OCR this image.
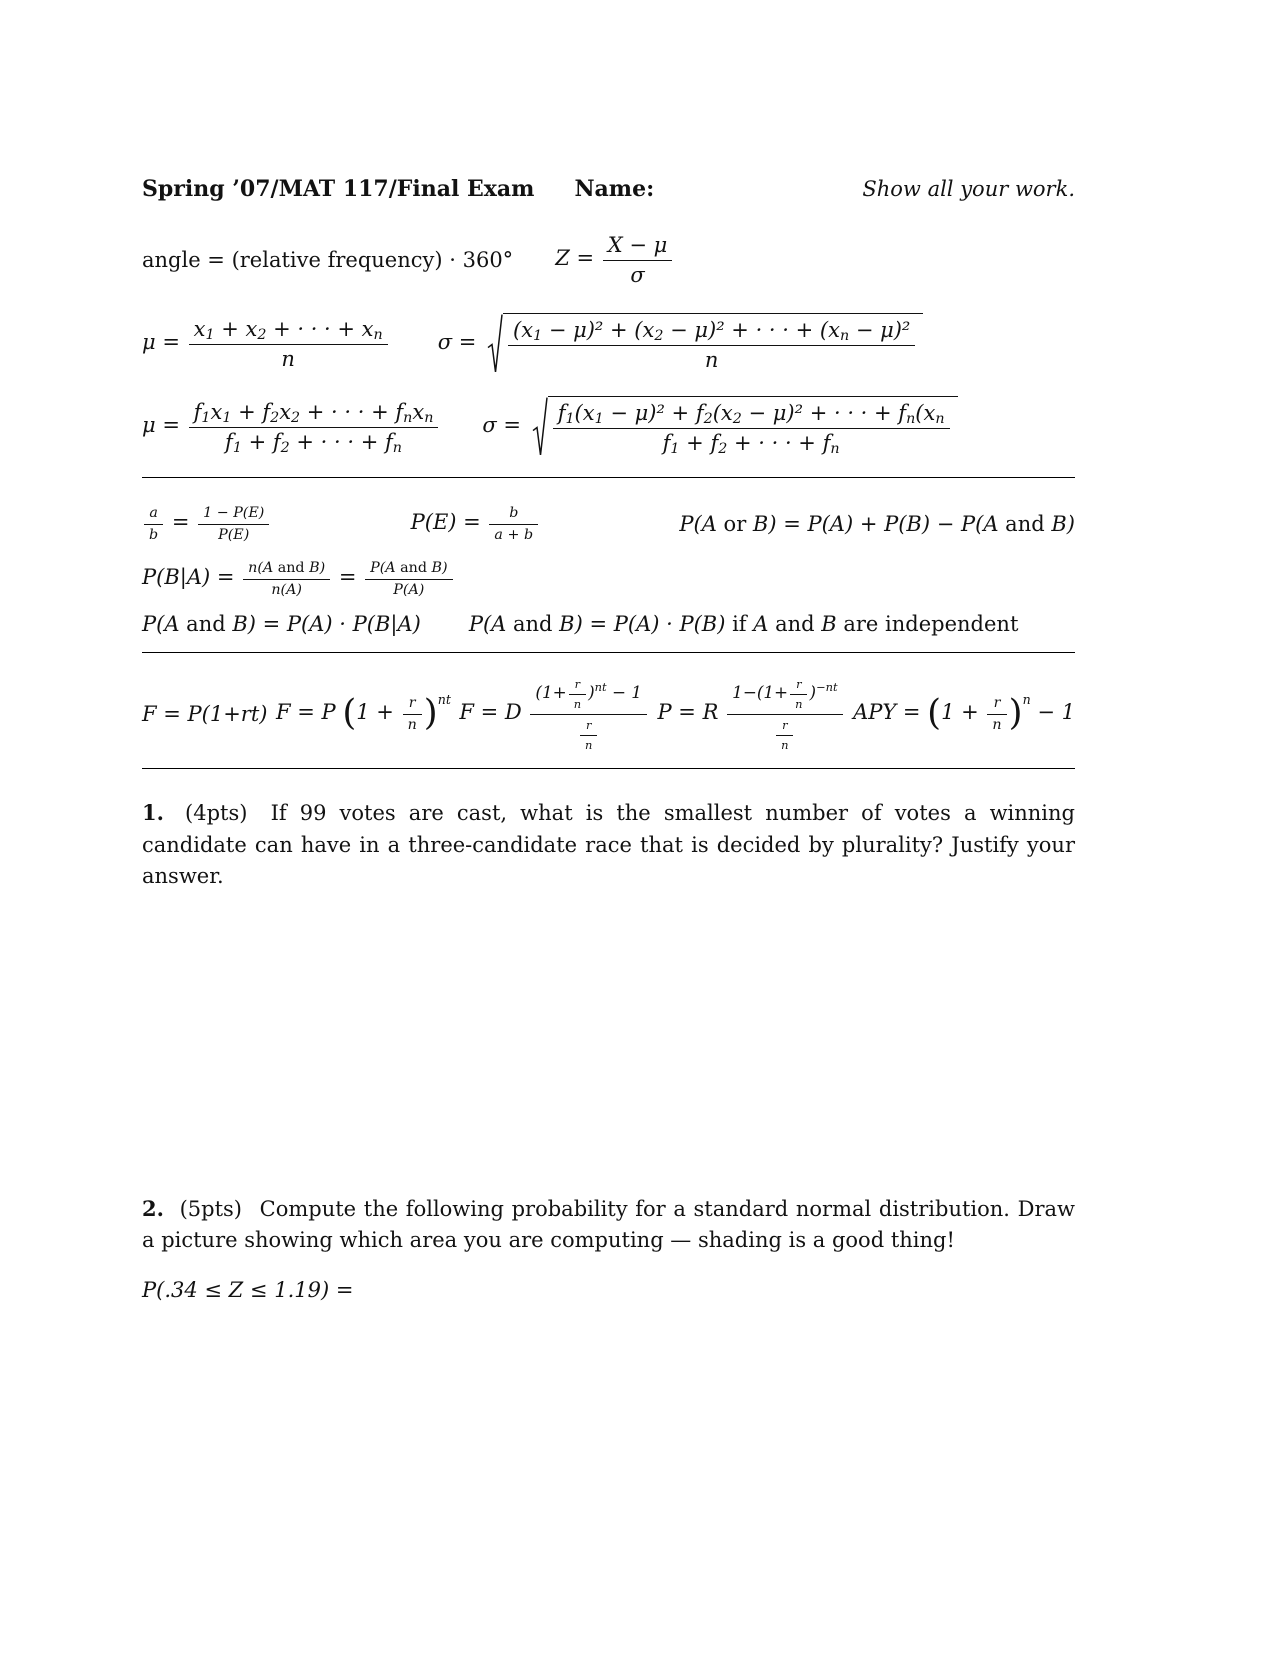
Spring ’07/MAT 117/Final Exam Name:	Show all your work.
angle = (relative frequency) · 360° $Z = \frac{X - \mu}{\sigma}$
$\mu = \frac{x_1 + x_2 + \cdot \cdot \cdot + x_n}{n}$ $\sigma = \frac{(x_1 - \mu)^2 + (x_2 - \mu)^2 + \cdot \cdot \cdot + (x_n - \mu)^2}{n}$
$\mu = \frac{f_1x_1 + f_2x_2 + \cdot \cdot \cdot + f_nx_n}{f_1 + f_2 + \cdot \cdot \cdot + f_n}$ $\sigma = \frac{f_1(x_1 - \mu)^2 + f_2(x_2 - \mu)^2 + \cdot \cdot \cdot + f_n(x_n}{f_1 + f_2 + \cdot \cdot \cdot + f_n}$
$\frac{a}{b} = \frac{1 - P(E)}{P(E)}$	$P(E) = \frac{b}{a + b}$	P(A or B) = P(A) + P(B) − P(A and B)
$P(B|A) = \frac{\text{n(A and B)}}{n(A)} = \frac{\text{P(A and B)}}{P(A)}$
P(A and B) = P(A) · P(B|A) P(A and B) = P(A) · P(B) if A and B are independent
F = P(1+rt) F = P $(1 + \frac{r}{n} )^{nt}$
F = D $\frac{(1+ \frac{r}{n} )^{nt} - 1}{\frac{r}{n}}$ P = R $\frac{1-(1+ \frac{r}{n} )^{-nt}}{\frac{r}{n}}$ APY = $(1 + \frac{r}{n} )^n - 1$

1. (4pts) If 99 votes are cast, what is the smallest number of votes a winning candidate can have in a three-candidate race that is decided by plurality? Justify your answer.

2. (5pts) Compute the following probability for a standard normal distribution. Draw a picture showing which area you are computing — shading is a good thing!

P(.34 ≤ Z ≤ 1.19) =
